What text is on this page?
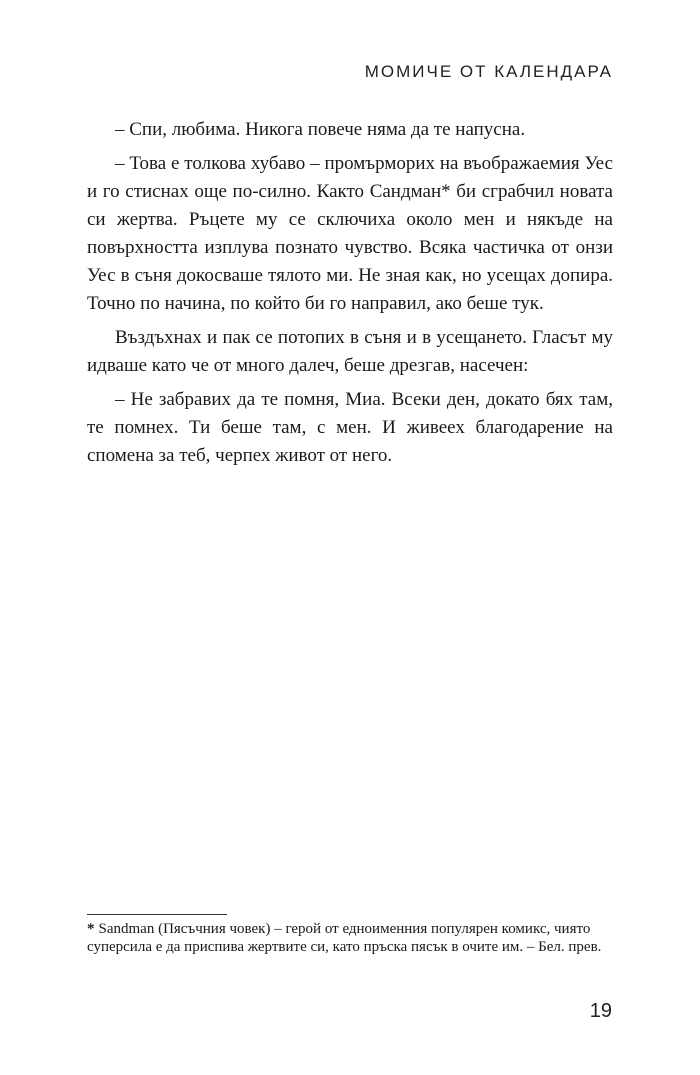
МОМИЧЕ ОТ КАЛЕНДАРА

– Спи, любима. Никога повече няма да те напусна.

– Това е толкова хубаво – промърморих на въображаемия Уес и го стиснах още по-силно. Както Сандман* би сграбчил новата си жертва. Ръцете му се сключиха около мен и някъде на повърхността изплува познато чувство. Всяка частичка от онзи Уес в съня докосваше тялото ми. Не зная как, но усещах допира. Точно по начина, по който би го направил, ако беше тук.

Въздъхнах и пак се потопих в съня и в усещането. Гласът му идваше като че от много далеч, беше дрезгав, насечен:

– Не забравих да те помня, Миа. Всеки ден, докато бях там, те помнех. Ти беше там, с мен. И живеех благодарение на спомена за теб, черпех живот от него.

* Sandman (Пясъчния човек) – герой от едноименния популярен комикс, чиято суперсила е да приспива жертвите си, като пръска пясък в очите им. – Бел. прев.
19
